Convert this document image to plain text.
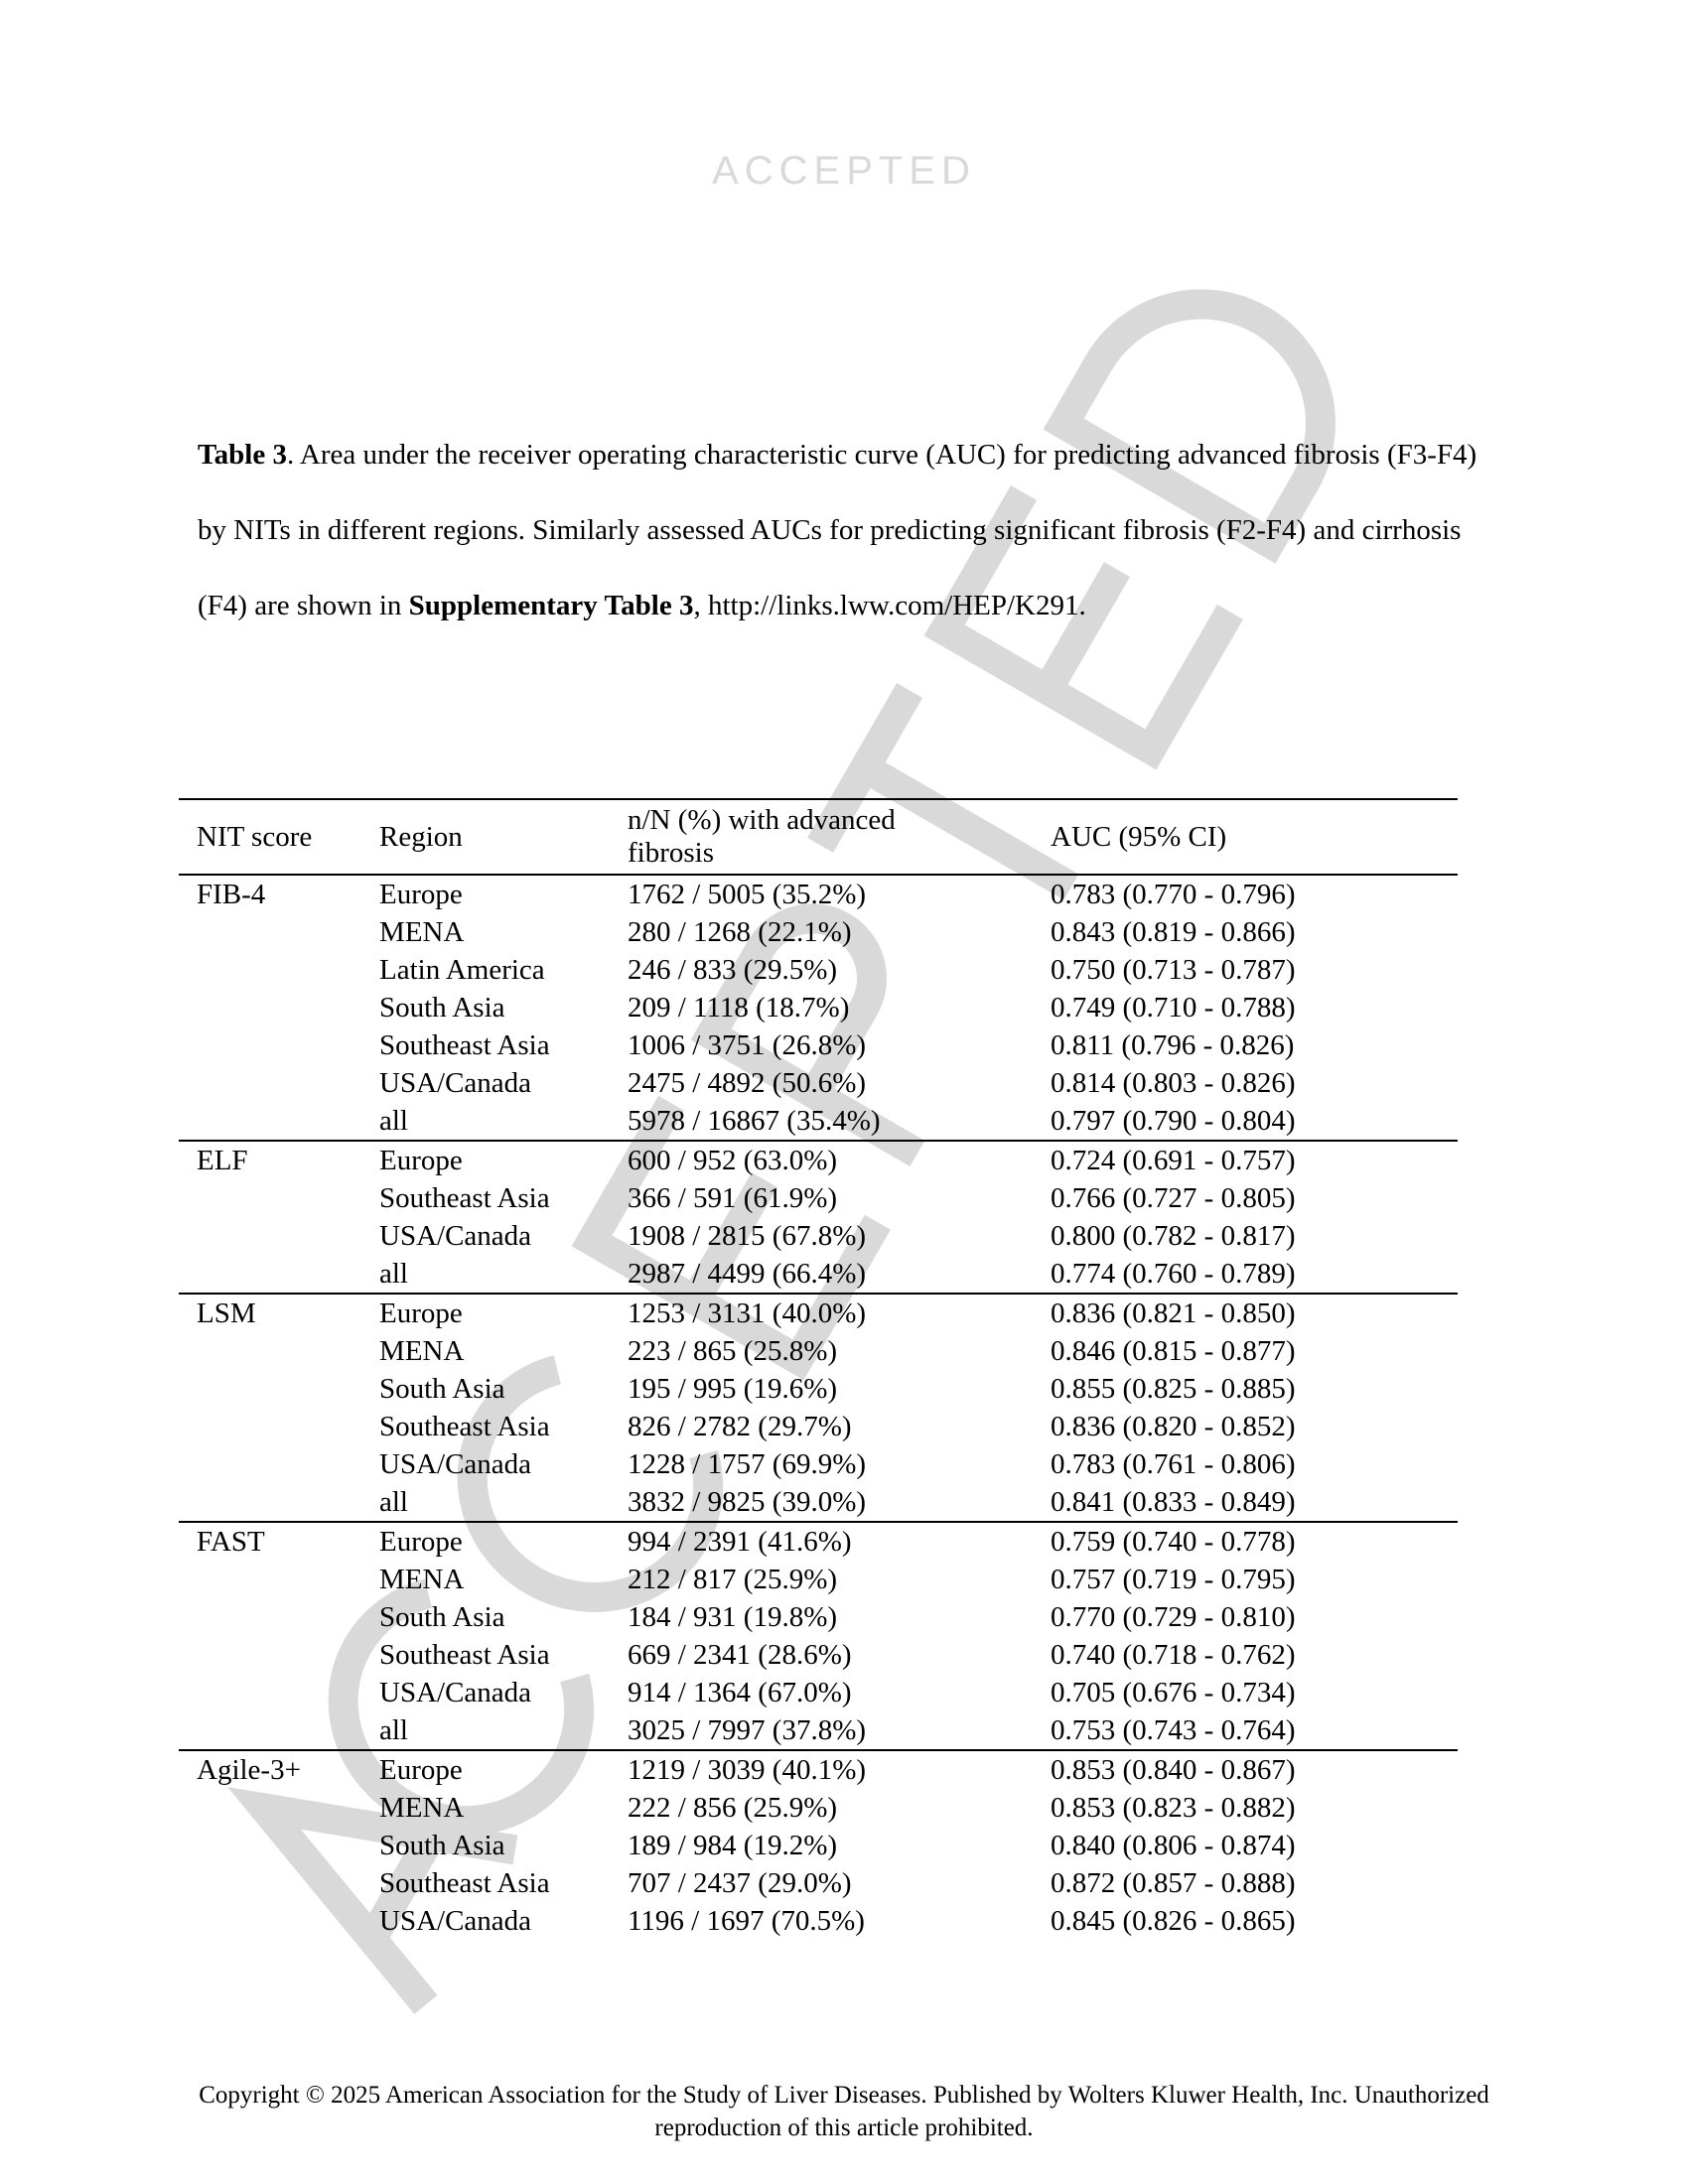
ACCEPTED
Table 3. Area under the receiver operating characteristic curve (AUC) for predicting advanced fibrosis (F3-F4) by NITs in different regions. Similarly assessed AUCs for predicting significant fibrosis (F2-F4) and cirrhosis (F4) are shown in Supplementary Table 3, http://links.lww.com/HEP/K291.
NIT score	Region	n/N (%) with advanced fibrosis	AUC (95% CI)
FIB-4	Europe	1762 / 5005 (35.2%)	0.783 (0.770 - 0.796)
	MENA	280 / 1268 (22.1%)	0.843 (0.819 - 0.866)
	Latin America	246 / 833 (29.5%)	0.750 (0.713 - 0.787)
	South Asia	209 / 1118 (18.7%)	0.749 (0.710 - 0.788)
	Southeast Asia	1006 / 3751 (26.8%)	0.811 (0.796 - 0.826)
	USA/Canada	2475 / 4892 (50.6%)	0.814 (0.803 - 0.826)
	all	5978 / 16867 (35.4%)	0.797 (0.790 - 0.804)
ELF	Europe	600 / 952 (63.0%)	0.724 (0.691 - 0.757)
	Southeast Asia	366 / 591 (61.9%)	0.766 (0.727 - 0.805)
	USA/Canada	1908 / 2815 (67.8%)	0.800 (0.782 - 0.817)
	all	2987 / 4499 (66.4%)	0.774 (0.760 - 0.789)
LSM	Europe	1253 / 3131 (40.0%)	0.836 (0.821 - 0.850)
	MENA	223 / 865 (25.8%)	0.846 (0.815 - 0.877)
	South Asia	195 / 995 (19.6%)	0.855 (0.825 - 0.885)
	Southeast Asia	826 / 2782 (29.7%)	0.836 (0.820 - 0.852)
	USA/Canada	1228 / 1757 (69.9%)	0.783 (0.761 - 0.806)
	all	3832 / 9825 (39.0%)	0.841 (0.833 - 0.849)
FAST	Europe	994 / 2391 (41.6%)	0.759 (0.740 - 0.778)
	MENA	212 / 817 (25.9%)	0.757 (0.719 - 0.795)
	South Asia	184 / 931 (19.8%)	0.770 (0.729 - 0.810)
	Southeast Asia	669 / 2341 (28.6%)	0.740 (0.718 - 0.762)
	USA/Canada	914 / 1364 (67.0%)	0.705 (0.676 - 0.734)
	all	3025 / 7997 (37.8%)	0.753 (0.743 - 0.764)
Agile-3+	Europe	1219 / 3039 (40.1%)	0.853 (0.840 - 0.867)
	MENA	222 / 856 (25.9%)	0.853 (0.823 - 0.882)
	South Asia	189 / 984 (19.2%)	0.840 (0.806 - 0.874)
	Southeast Asia	707 / 2437 (29.0%)	0.872 (0.857 - 0.888)
	USA/Canada	1196 / 1697 (70.5%)	0.845 (0.826 - 0.865)
Copyright © 2025 American Association for the Study of Liver Diseases. Published by Wolters Kluwer Health, Inc. Unauthorized
reproduction of this article prohibited.
